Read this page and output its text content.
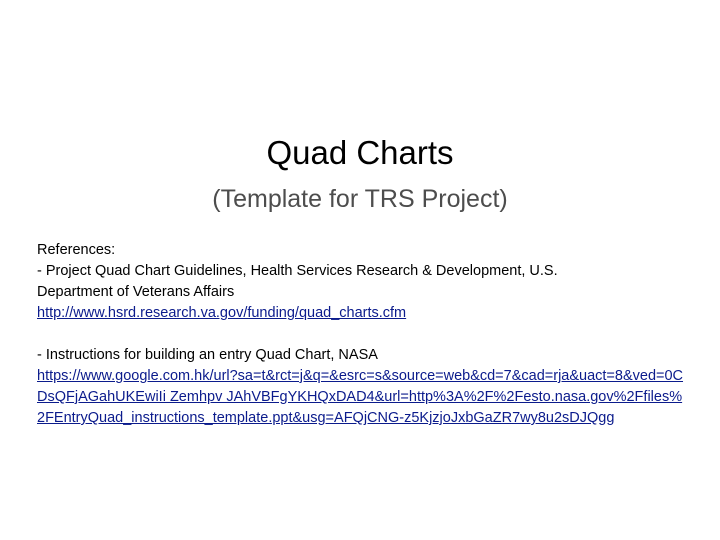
Quad Charts
(Template for TRS Project)

References:

- Project Quad Chart Guidelines, Health Services Research & Development, U.S.

Department of Veterans Affairs

http://www.hsrd.research.va.gov/funding/quad_charts.cfm

- Instructions for building an entry Quad Chart, NASA

https://www.google.com.hk/url?sa=t&rct=j&q=&esrc=s&source=web&cd=7&cad=rja&uact=8&ved=0CDsQFjAGahUKEwiIi Zemhpv JAhVBFgYKHQxDAD4&url=http%3A%2F%2Festo.nasa.gov%2Ffiles%2FEntryQuad_instructions_template.ppt&usg=AFQjCNG-z5KjzjoJxbGaZR7wy8u2sDJQgg
